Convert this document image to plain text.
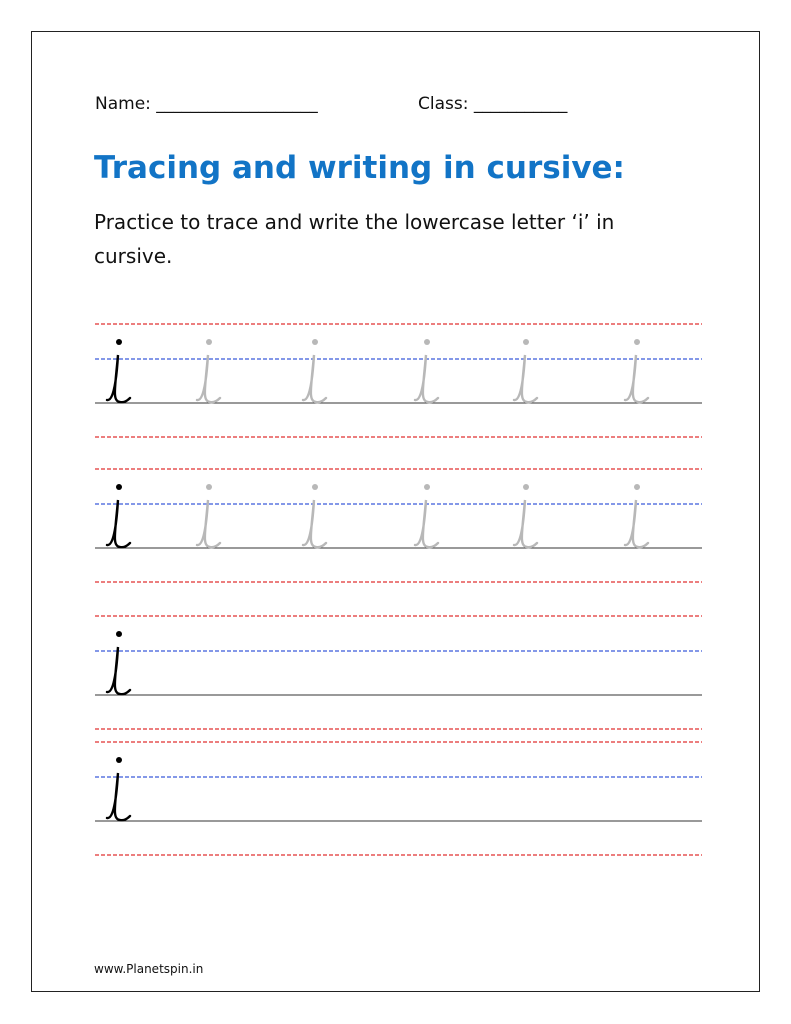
Name: ___________________	Class: ___________
Tracing and writing in cursive:

Practice to trace and write the lowercase letter ‘i’ in cursive.

www.Planetspin.in
